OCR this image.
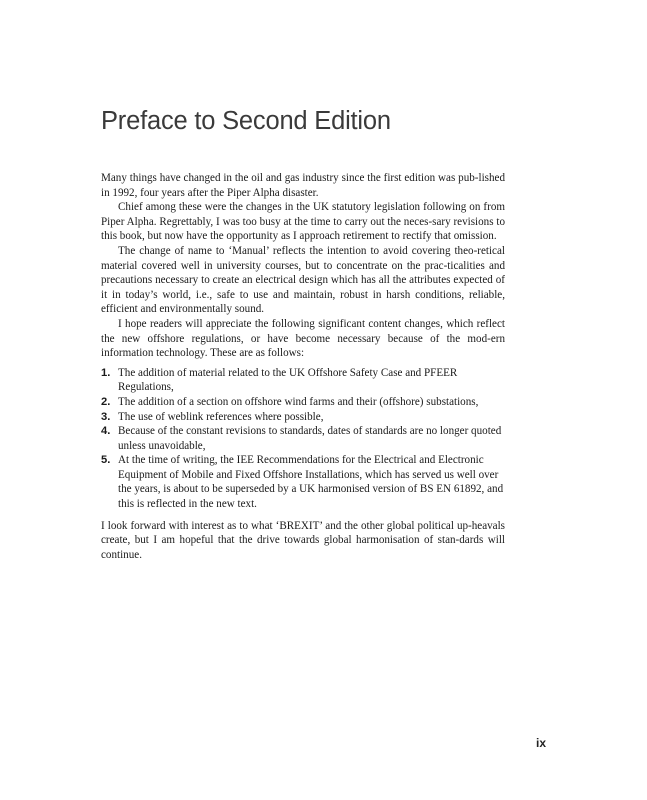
Preface to Second Edition

Many things have changed in the oil and gas industry since the first edition was pub-lished in 1992, four years after the Piper Alpha disaster.

Chief among these were the changes in the UK statutory legislation following on from Piper Alpha. Regrettably, I was too busy at the time to carry out the neces-sary revisions to this book, but now have the opportunity as I approach retirement to rectify that omission.

The change of name to ‘Manual’ reflects the intention to avoid covering theo-retical material covered well in university courses, but to concentrate on the prac-ticalities and precautions necessary to create an electrical design which has all the attributes expected of it in today’s world, i.e., safe to use and maintain, robust in harsh conditions, reliable, efficient and environmentally sound.

I hope readers will appreciate the following significant content changes, which reflect the new offshore regulations, or have become necessary because of the mod-ern information technology. These are as follows:

1. The addition of material related to the UK Offshore Safety Case and PFEER Regulations,
2. The addition of a section on offshore wind farms and their (offshore) substations,
3. The use of weblink references where possible,
4. Because of the constant revisions to standards, dates of standards are no longer quoted unless unavoidable,
5. At the time of writing, the IEE Recommendations for the Electrical and Electronic Equipment of Mobile and Fixed Offshore Installations, which has served us well over the years, is about to be superseded by a UK harmonised version of BS EN 61892, and this is reflected in the new text.

I look forward with interest as to what ‘BREXIT’ and the other global political up-heavals create, but I am hopeful that the drive towards global harmonisation of stan-dards will continue.

ix
